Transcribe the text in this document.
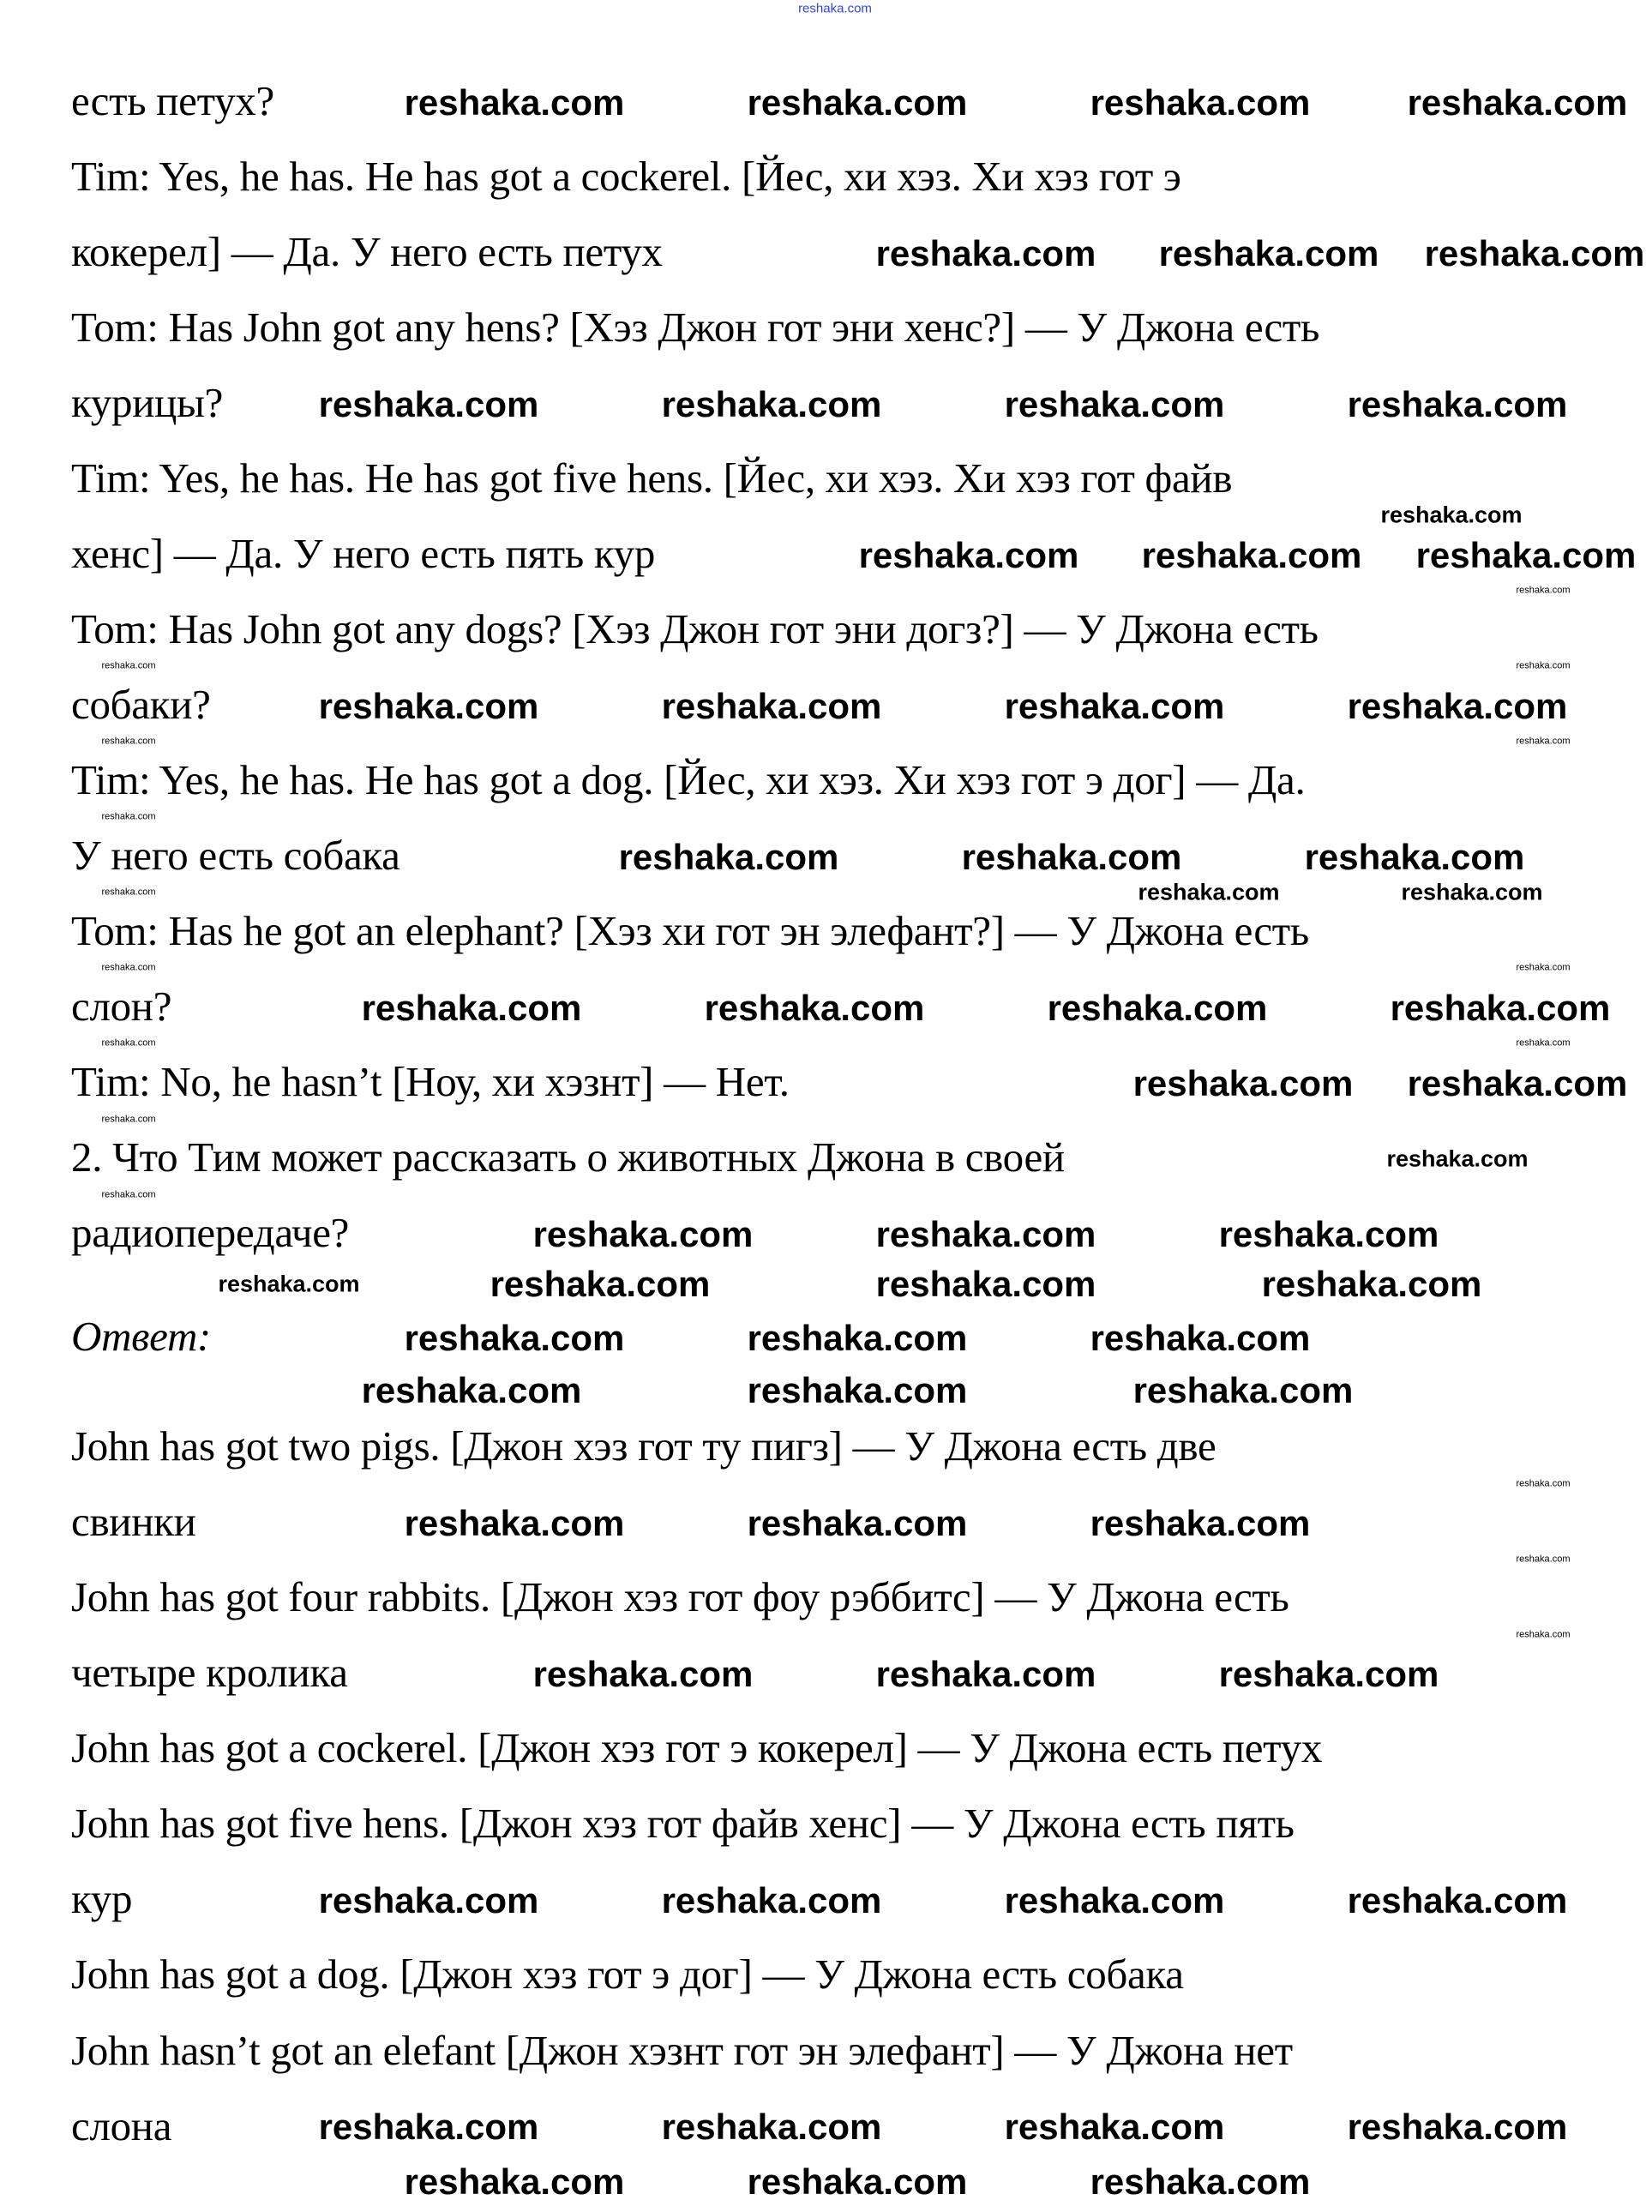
reshaka.com
есть петух?
Tim: Yes, he has. He has got a cockerel. [Йес, хи хэз. Хи хэз гот э
кокерел] — Да. У него есть петух
Tom: Has John got any hens? [Хэз Джон гот эни хенс?] — У Джона есть
курицы?
Tim: Yes, he has. He has got five hens. [Йес, хи хэз. Хи хэз гот файв
хенс] — Да. У него есть пять кур
Tom: Has John got any dogs? [Хэз Джон гот эни догз?] — У Джона есть
собаки?
Tim: Yes, he has. He has got a dog. [Йес, хи хэз. Хи хэз гот э дог] — Да.
У него есть собака
Tom: Has he got an elephant? [Хэз хи гот эн элефант?] — У Джона есть
слон?
Tim: No, he hasn’t [Ноу, хи хэзнт] — Нет.
2. Что Тим может рассказать о животных Джона в своей
радиопередаче?
Ответ:
John has got two pigs. [Джон хэз гот ту пигз] — У Джона есть две
свинки
John has got four rabbits. [Джон хэз гот фоу рэббитс] — У Джона есть
четыре кролика
John has got a cockerel. [Джон хэз гот э кокерел] — У Джона есть петух
John has got five hens. [Джон хэз гот файв хенс] — У Джона есть пять
кур
John has got a dog. [Джон хэз гот э дог] — У Джона есть собака
John hasn’t got an elefant [Джон хэзнт гот эн элефант] — У Джона нет
слона
reshaka.com	reshaka.com	reshaka.com	reshaka.com
reshaka.com reshaka.com reshaka.com
reshaka.com	reshaka.com	reshaka.com	reshaka.com
reshaka.com reshaka.com reshaka.com
reshaka.com	reshaka.com	reshaka.com	reshaka.com
reshaka.com	reshaka.com	reshaka.com
reshaka.com	reshaka.com	reshaka.com	reshaka.com
reshaka.com reshaka.com
reshaka.com	reshaka.com	reshaka.com
reshaka.com	reshaka.com	reshaka.com
reshaka.com	reshaka.com	reshaka.com
reshaka.com	reshaka.com	reshaka.com
reshaka.com	reshaka.com	reshaka.com
reshaka.com	reshaka.com	reshaka.com
reshaka.com	reshaka.com	reshaka.com	reshaka.com
reshaka.com	reshaka.com	reshaka.com	reshaka.com
reshaka.com	reshaka.com	reshaka.com
reshaka.com
reshaka.com	reshaka.com
reshaka.com
reshaka.com
reshaka.com
reshaka.com
reshaka.com
reshaka.com
reshaka.com
reshaka.com
reshaka.com
reshaka.com
reshaka.com
reshaka.com
reshaka.com
reshaka.com
reshaka.com
reshaka.com
reshaka.com
reshaka.com
